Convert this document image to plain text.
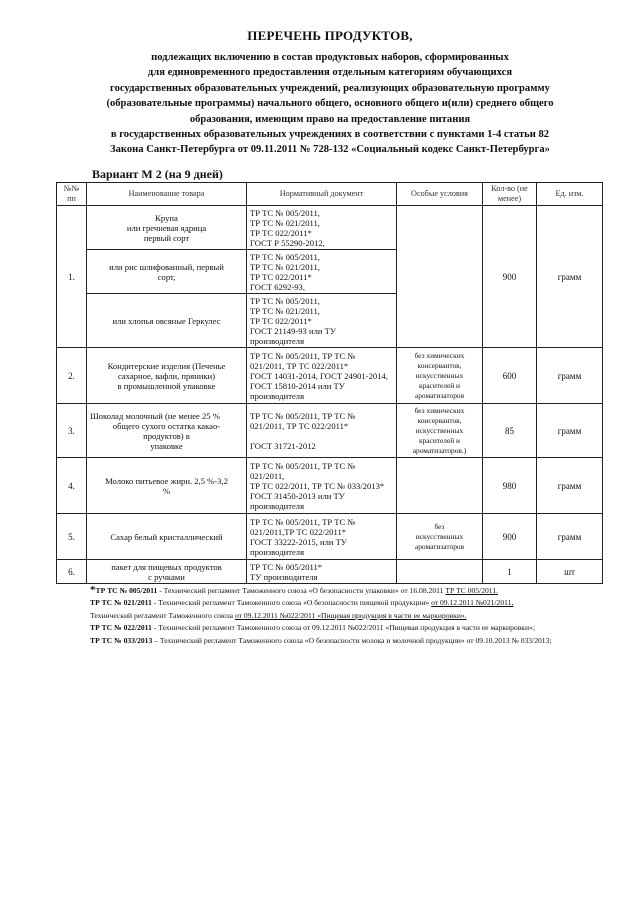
ПЕРЕЧЕНЬ ПРОДУКТОВ,
подлежащих включению в состав продуктовых наборов, сформированных
для единовременного предоставления отдельным категориям обучающихся
государственных образовательных учреждений, реализующих образовательную программу
(образовательные программы) начального общего, основного общего и(или) среднего общего
образования, имеющим право на предоставление питания
в государственных образовательных учреждениях в соответствии с пунктами 1-4 статьи 82
Закона Санкт-Петербурга от 09.11.2011 № 728-132 «Социальный кодекс Санкт-Петербурга»
Вариант М 2 (на 9 дней)
№№ пп	Наименование товара	Нормативный документ	Особые условия	Кол-во (не менее)	Ед. изм.
1.	Крупа
или гречневая ядрица
первый сорт	ТР ТС № 005/2011,
ТР ТС № 021/2011,
ТР ТС 022/2011*
ГОСТ Р 55290-2012,		900	грамм

	или рис шлифованный, первый
сорт,	ТР ТС № 005/2011,
ТР ТС № 021/2011,
ТР ТС 022/2011*
ГОСТ 6292-93,			

	или хлопья овсяные Геркулес	ТР ТС № 005/2011,
ТР ТС № 021/2011,
ТР ТС 022/2011*
ГОСТ 21149-93 или ТУ
производителя			

2.	Кондитерские изделия (Печенье
сахарное, вафли, пряники)
в промышленной упаковке	ТР ТС № 005/2011, ТР ТС №
021/2011, ТР ТС 022/2011*
ГОСТ 14031-2014, ГОСТ 24901-2014,
ГОСТ 15810-2014 или ТУ
производителя	без химических
консервантов,
искусственных
красителей и
ароматизаторов	600	грамм
3.	Шоколад молочный (не менее 25 %
общего сухого остатка какао-
продуктов) в
упаковке	ТР ТС № 005/2011, ТР ТС №
021/2011, ТР ТС 022/2011*

ГОСТ 31721-2012	без химических
консервантов,
искусственных
красителей и
ароматизаторов.)	85	грамм
4.	Молоко питьевое жирн. 2,5 %-3,2
%	ТР ТС № 005/2011, ТР ТС №
021/2011,
ТР ТС 022/2011, ТР ТС № 033/2013*
ГОСТ 31450-2013 или ТУ
производителя		980	грамм
5.	Сахар белый кристаллический	ТР ТС № 005/2011, ТР ТС №
021/2011,ТР ТС 022/2011*
ГОСТ 33222-2015, или ТУ
производителя	без
искусственных
ароматизаторов	900	грамм
6.	пакет для пищевых продуктов
с ручками	ТР ТС № 005/2011*
ТУ производителя		1	шт

*ТР ТС № 005/2011 - Технический регламент Таможенного союза «О безопасности упаковки» от 16.08.2011 ТР ТС 005/2011.

ТР ТС № 021/2011 - Технический регламент Таможенного союза «О безопасности пищевой продукции» от 09.12.2011 №021/2011,

Технический регламент Таможенного союза от 09.12.2011 №022/2011 «Пищевая продукция в части ее маркировки».

ТР ТС № 022/2011 - Технический регламент Таможенного союза от 09.12.2011 №022/2011 «Пищевая продукция в части ее маркировки»;

ТР ТС № 033/2013 – Технический регламент Таможенного союза «О безопасности молока и молочной продукции» от 09.10.2013 № 033/2013;
